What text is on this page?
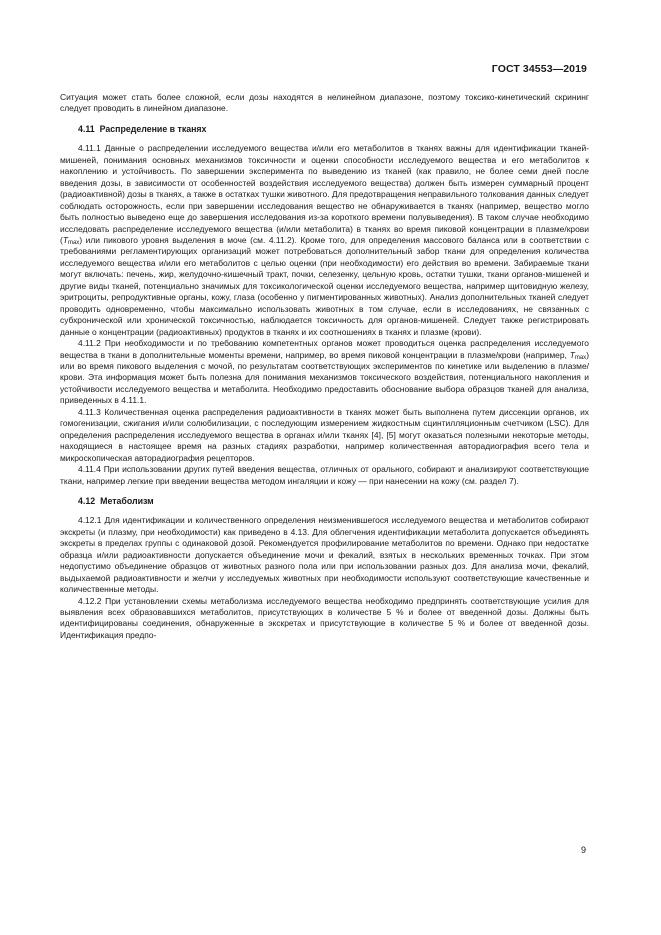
ГОСТ 34553—2019

Ситуация может стать более сложной, если дозы находятся в нелинейном диапазоне, поэтому токсико-кинетический скрининг следует проводить в линейном диапазоне.

4.11 Распределение в тканях

4.11.1 Данные о распределении исследуемого вещества и/или его метаболитов в тканях важны для идентификации тканей-мишеней, понимания основных механизмов токсичности и оценки способности исследуемого вещества и его метаболитов к накоплению и устойчивость. По завершении эксперимента по выведению из тканей (как правило, не более семи дней после введения дозы, в зависимости от особенностей воздействия исследуемого вещества) должен быть измерен суммарный процент (радиоактивной) дозы в тканях, а также в остатках тушки животного. Для предотвращения неправильного толкования данных следует соблюдать осторожность, если при завершении исследования вещество не обнаруживается в тканях (например, вещество могло быть полностью выведено еще до завершения исследования из-за короткого времени полувыведения). В таком случае необходимо исследовать распределение исследуемого вещества (и/или метаболита) в тканях во время пиковой концентрации в плазме/крови $(T_{max})$ или пикового уровня выделения в моче (см. 4.11.2). Кроме того, для определения массового баланса или в соответствии с требованиями регламентирующих организаций может потребоваться дополнительный забор ткани для определения количества исследуемого вещества и/или его метаболитов с целью оценки (при необходимости) его действия во времени. Забираемые ткани могут включать: печень, жир, желудочно-кишечный тракт, почки, селезенку, цельную кровь, остатки тушки, ткани органов-мишеней и другие виды тканей, потенциально значимых для токсикологической оценки исследуемого вещества, например щитовидную железу, эритроциты, репродуктивные органы, кожу, глаза (особенно у пигментированных животных). Анализ дополнительных тканей следует проводить одновременно, чтобы максимально использовать животных в том случае, если в исследованиях, не связанных с субхронической или хронической токсичностью, наблюдается токсичность для органов-мишеней. Следует также регистрировать данные о концентрации (радиоактивных) продуктов в тканях и их соотношениях в тканях и плазме (крови).

4.11.2 При необходимости и по требованию компетентных органов может проводиться оценка распределения исследуемого вещества в ткани в дополнительные моменты времени, например, во время пиковой концентрации в плазме/крови (например, $T_{max}$) или во время пикового выделения с мочой, по результатам соответствующих экспериментов по кинетике или выделению в плазме/крови. Эта информация может быть полезна для понимания механизмов токсического воздействия, потенциального накопления и устойчивости исследуемого вещества и метаболита. Необходимо предоставить обоснование выбора образцов тканей для анализа, приведенных в 4.11.1.

4.11.3 Количественная оценка распределения радиоактивности в тканях может быть выполнена путем диссекции органов, их гомогенизации, сжигания и/или солюбилизации, с последующим измерением жидкостным сцинтилляционным счетчиком (LSC). Для определения распределения исследуемого вещества в органах и/или тканях [4], [5] могут оказаться полезными некоторые методы, находящиеся в настоящее время на разных стадиях разработки, например количественная авторадиография всего тела и микроскопическая авторадиография рецепторов.

4.11.4 При использовании других путей введения вещества, отличных от орального, собирают и анализируют соответствующие ткани, например легкие при введении вещества методом ингаляции и кожу — при нанесении на кожу (см. раздел 7).

4.12 Метаболизм

4.12.1 Для идентификации и количественного определения неизменившегося исследуемого вещества и метаболитов собирают экскреты (и плазму, при необходимости) как приведено в 4.13. Для облегчения идентификации метаболита допускается объединять экскреты в пределах группы с одинаковой дозой. Рекомендуется профилирование метаболитов по времени. Однако при недостатке образца и/или радиоактивности допускается объединение мочи и фекалий, взятых в нескольких временных точках. При этом недопустимо объединение образцов от животных разного пола или при использовании разных доз. Для анализа мочи, фекалий, выдыхаемой радиоактивности и желчи у исследуемых животных при необходимости используют соответствующие качественные и количественные методы.

4.12.2 При установлении схемы метаболизма исследуемого вещества необходимо предпринять соответствующие усилия для выявления всех образовавшихся метаболитов, присутствующих в количестве 5 % и более от введенной дозы. Должны быть идентифицированы соединения, обнаруженные в экскретах и присутствующие в количестве 5 % и более от введенной дозы. Идентификация предпо-

9
